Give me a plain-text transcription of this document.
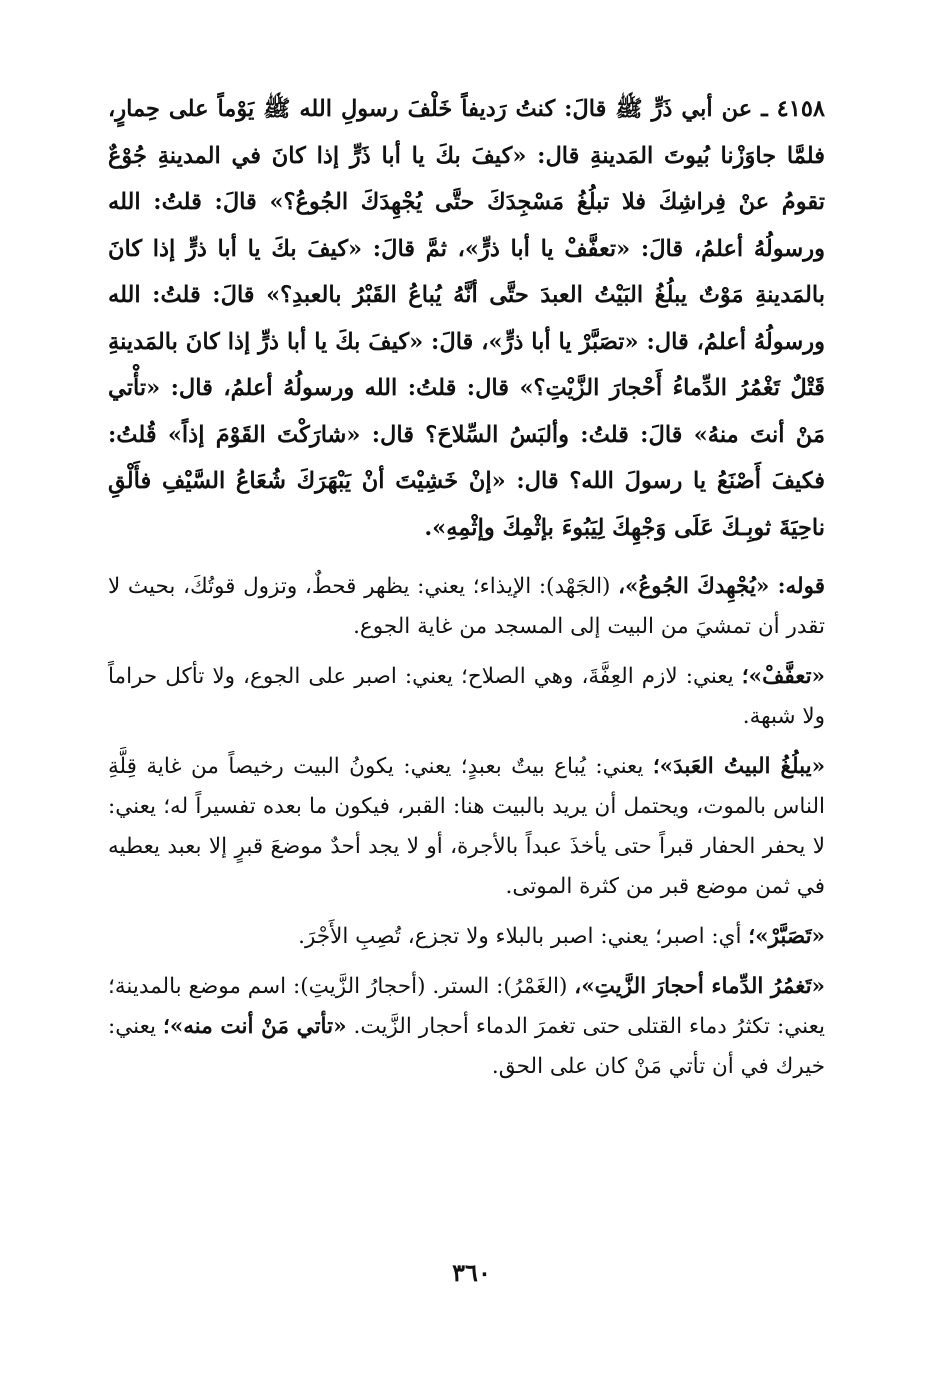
٤١٥٨ ـ عن أبي ذَرٍّ ﷺ قالَ: كنتُ رَديفاً خَلْفَ رسولِ الله ﷺ يَوْماً على حِمارٍ، فلمَّا جاوَزْنا بُيوتَ المَدينةِ قال: «كيفَ بكَ يا أبا ذَرٍّ إذا كانَ في المدينةِ جُوْعٌ تقومُ عنْ فِراشِكَ فلا تبلُغُ مَسْجِدَكَ حتَّى يُجْهِدَكَ الجُوعُ؟» قالَ: قلتُ: الله ورسولُهُ أعلمُ، قالَ: «تعفَّفْ يا أبا ذرٍّ»، ثمَّ قالَ: «كيفَ بكَ يا أبا ذرٍّ إذا كانَ بالمَدينةِ مَوْتٌ يبلُغُ البَيْتُ العبدَ حتَّى أنَّهُ يُباعُ القَبْرُ بالعبدِ؟» قالَ: قلتُ: الله ورسولُهُ أعلمُ، قال: «تصَبَّرْ يا أبا ذرٍّ»، قالَ: «كيفَ بكَ يا أبا ذرٍّ إذا كانَ بالمَدينةِ قَتْلٌ تَغْمُرُ الدِّماءُ أَحْجارَ الزَّيْتِ؟» قال: قلتُ: الله ورسولُهُ أعلمُ، قال: «تأْتي مَنْ أنتَ منهُ» قالَ: قلتُ: وألبَسُ السِّلاحَ؟ قال: «شارَكْتَ القَوْمَ إذاً» قُلتُ: فكيفَ أَصْنَعُ يا رسولَ الله؟ قال: «إنْ خَشِيْتَ أنْ يَبْهَرَكَ شُعَاعُ السَّيْفِ فأَلْقِ ناحِيَةَ ثوبِـكَ عَلَى وَجْهِكَ لِيَبُوءَ بإثْمِكَ وإثْمِهِ».

قوله: «يُجْهِدكَ الجُوعُ»، (الجَهْد): الإيذاء؛ يعني: يظهر قحطٌ، وتزول قوتُكَ، بحيث لا تقدر أن تمشيَ من البيت إلى المسجد من غاية الجوع.

«تعفَّفْ»؛ يعني: لازم العِفَّةَ، وهي الصلاح؛ يعني: اصبر على الجوع، ولا تأكل حراماً ولا شبهة.

«يبلُغُ البيتُ العَبدَ»؛ يعني: يُباع بيتٌ بعبدٍ؛ يعني: يكونُ البيت رخيصاً من غاية قِلَّةِ الناس بالموت، ويحتمل أن يريد بالبيت هنا: القبر، فيكون ما بعده تفسيراً له؛ يعني: لا يحفر الحفار قبراً حتى يأخذَ عبداً بالأجرة، أو لا يجد أحدٌ موضعَ قبرٍ إلا بعبد يعطيه في ثمن موضع قبر من كثرة الموتى.

«تَصَبَّرْ»؛ أي: اصبر؛ يعني: اصبر بالبلاء ولا تجزع، تُصِبِ الأَجْرَ.

«تَغمُرُ الدِّماء أحجارَ الزَّيتِ»، (الغَمْرُ): الستر. (أحجارُ الزَّيتِ): اسم موضع بالمدينة؛ يعني: تكثرُ دماء القتلى حتى تغمرَ الدماء أحجار الزَّيت. «تأتي مَنْ أنت منه»؛ يعني: خيرك في أن تأتي مَنْ كان على الحق.

٣٦٠
